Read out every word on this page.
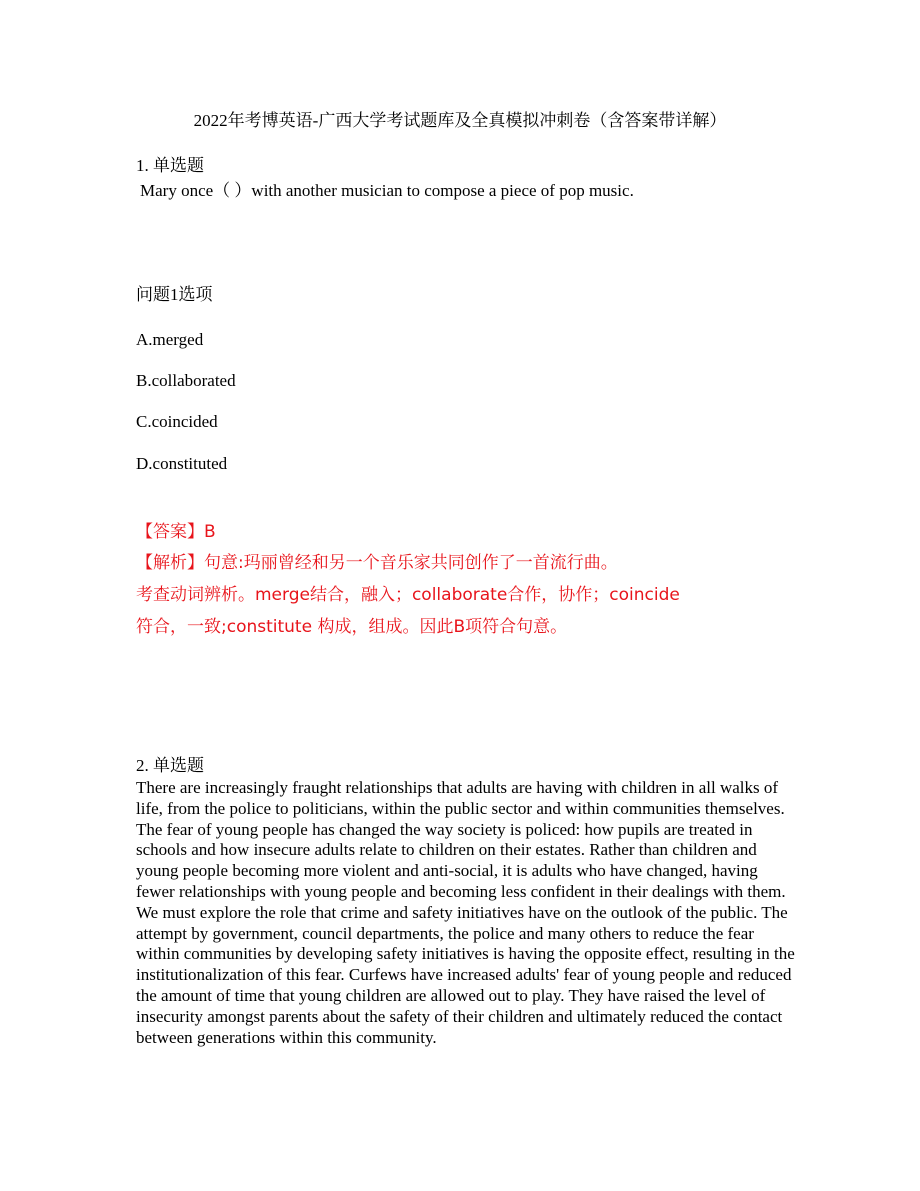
2022年考博英语-广西大学考试题库及全真模拟冲刺卷（含答案带详解）
1. 单选题
Mary once（ ）with another musician to compose a piece of pop music.
问题1选项
A.merged
B.collaborated
C.coincided
D.constituted
【答案】B
【解析】句意:玛丽曾经和另一个音乐家共同创作了一首流行曲。
考查动词辨析。merge结合，融入；collaborate合作，协作；coincide
符合，一致;constitute 构成，组成。因此B项符合句意。
2. 单选题

There are increasingly fraught relationships that adults are having with children in all walks of life, from the police to politicians, within the public sector and within communities themselves. The fear of young people has changed the way society is policed: how pupils are treated in schools and how insecure adults relate to children on their estates. Rather than children and young people becoming more violent and anti-social, it is adults who have changed, having fewer relationships with young people and becoming less confident in their dealings with them.

We must explore the role that crime and safety initiatives have on the outlook of the public. The attempt by government, council departments, the police and many others to reduce the fear within communities by developing safety initiatives is having the opposite effect, resulting in the institutionalization of this fear. Curfews have increased adults' fear of young people and reduced the amount of time that young children are allowed out to play. They have raised the level of insecurity amongst parents about the safety of their children and ultimately reduced the contact between generations within this community.
